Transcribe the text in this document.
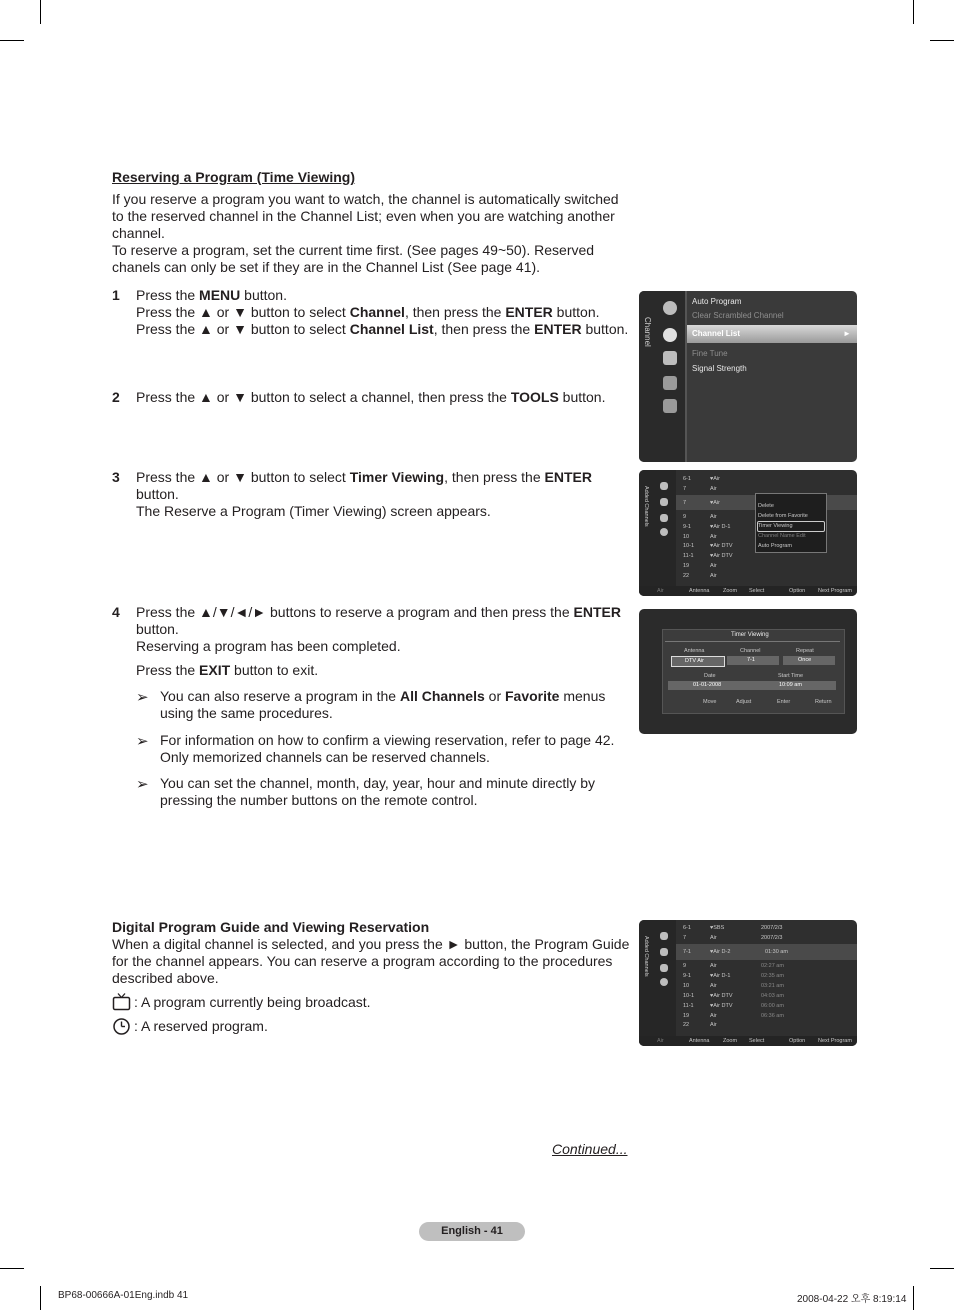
Reserving a Program (Time Viewing)
If you reserve a program you want to watch, the channel is automatically switched
to the reserved channel in the Channel List; even when you are watching another
channel.
To reserve a program, set the current time first. (See pages 49~50). Reserved
chanels can only be set if they are in the Channel List (See page 41).
1 Press the MENU button.
Press the ▲ or ▼ button to select Channel, then press the ENTER button.
Press the ▲ or ▼ button to select Channel List, then press the ENTER button.
2 Press the ▲ or ▼ button to select a channel, then press the TOOLS button.
3 Press the ▲ or ▼ button to select Timer Viewing, then press the ENTER
button.
The Reserve a Program (Timer Viewing) screen appears.
4 Press the ▲/▼/◄/► buttons to reserve a program and then press the ENTER
button.
Reserving a program has been completed.
Press the EXIT button to exit.
➢ You can also reserve a program in the All Channels or Favorite menus
using the same procedures.
➢ For information on how to confirm a viewing reservation, refer to page 42.
Only memorized channels can be reserved channels.
➢ You can set the channel, month, day, year, hour and minute directly by
pressing the number buttons on the remote control.
Digital Program Guide and Viewing Reservation
When a digital channel is selected, and you press the ► button, the Program Guide
for the channel appears. You can reserve a program according to the procedures
described above.
: A program currently being broadcast.
: A reserved program.
Continued...
English - 41
BP68-00666A-01Eng.indb 41	2008-04-22 오후 8:19:14
Channel
Auto Program
Clear Scrambled Channel
Channel List	►
Fine Tune
Signal Strength
Added Channels
6-1	♥Air
7	Air
7	♥Air
9	Air
9-1	♥Air D-1
10	Air
10-1	♥Air DTV
11-1	♥Air DTV
19	Air
22	Air
Delete
Delete from Favorite
Timer Viewing
Channel Name Edit
Auto Program
Air	Antenna Zoom Select	Option Next Program
Timer Viewing
Antenna	Channel	Repeat
DTV Air	7-1	Once
Date	Start Time
01-01-2008	10:09 am
Move	Adjust	Enter	Return
Added Channels
6-1	♥SBS	2007/2/3
7	Air	2007/2/3
7-1	♥Air D-2	01:30 am
9	Air	02:27 am
9-1	♥Air D-1	02:35 am
10	Air	03:21 am
10-1	♥Air DTV	04:03 am
11-1	♥Air DTV	06:00 am
19	Air	06:36 am
22	Air
Air	Antenna Zoom Select	Option Next Program
